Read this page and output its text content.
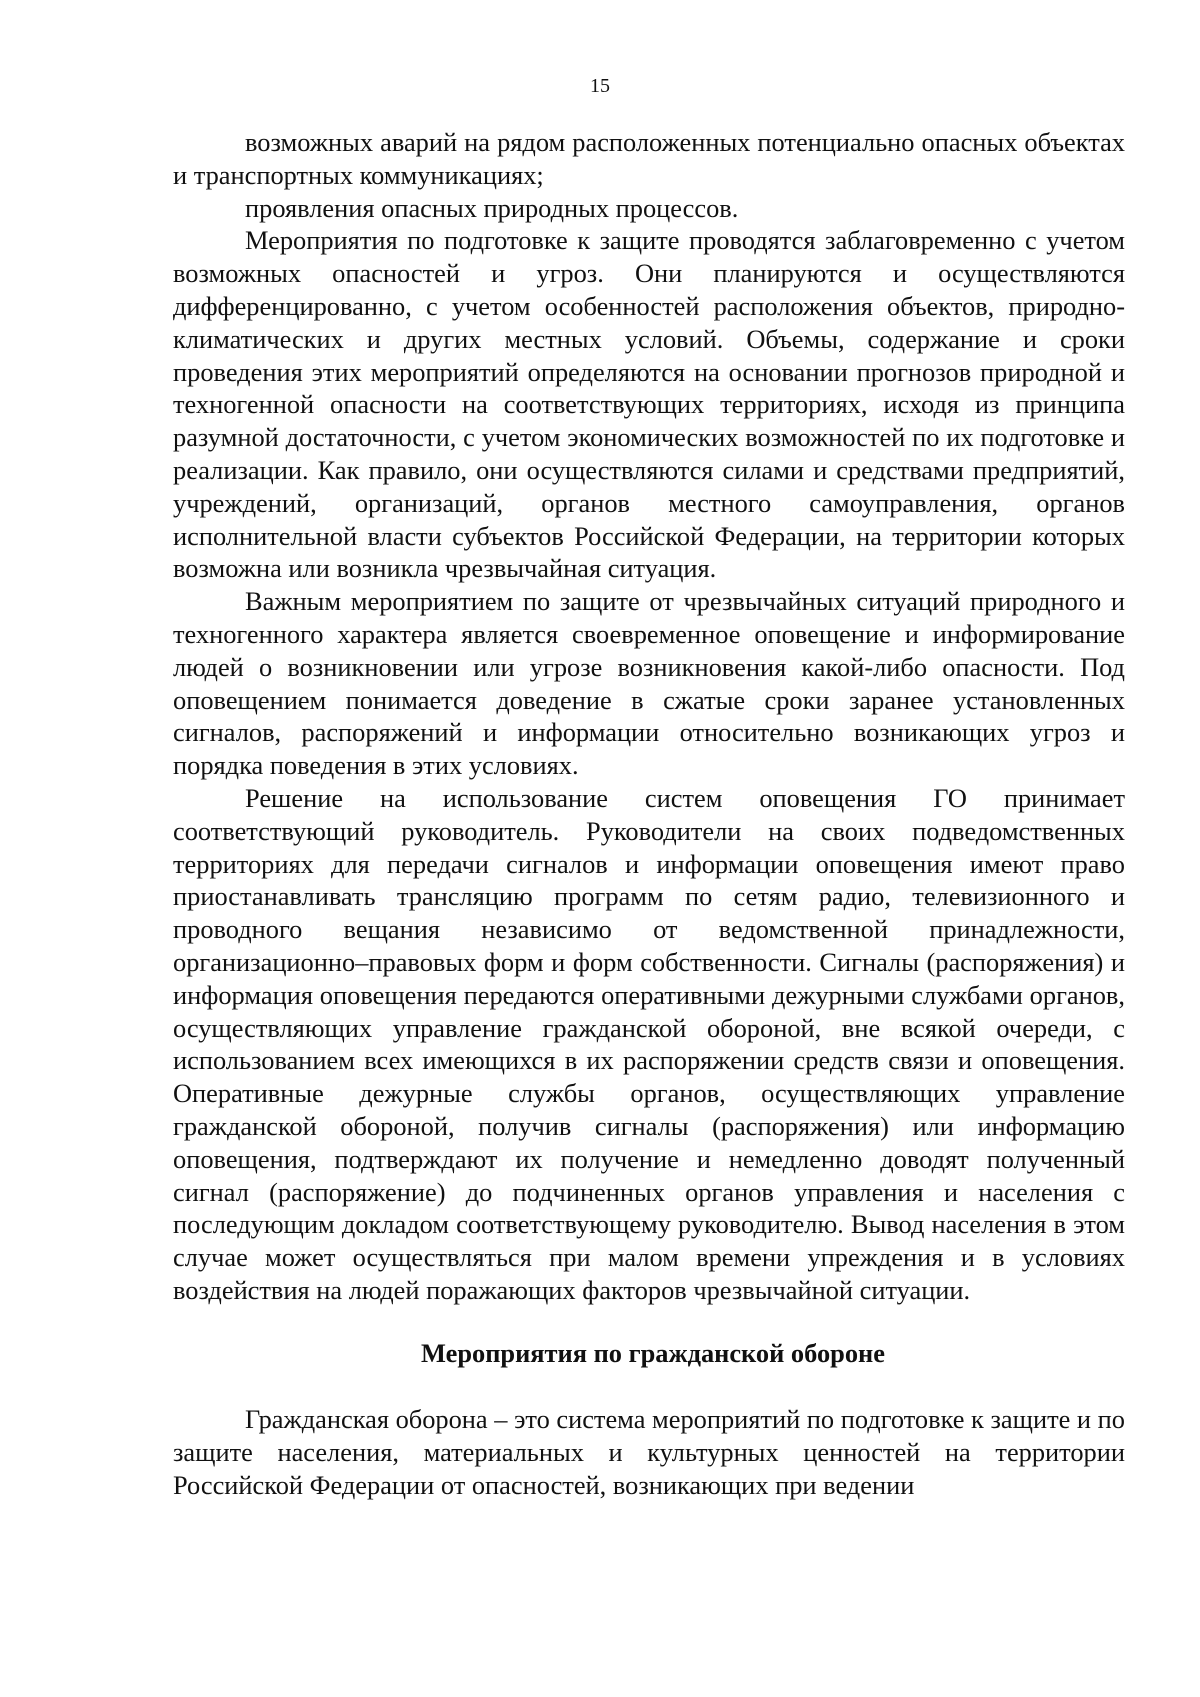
15

возможных аварий на рядом расположенных потенциально опасных объектах и транспортных коммуникациях;

проявления опасных природных процессов.

Мероприятия по подготовке к защите проводятся заблаговременно с учетом возможных опасностей и угроз. Они планируются и осуществляются дифференцированно, с учетом особенностей расположения объектов, природно-климатических и других местных условий. Объемы, содержание и сроки проведения этих мероприятий определяются на основании прогнозов природной и техногенной опасности на соответствующих территориях, исходя из принципа разумной достаточности, с учетом экономических возможностей по их подготовке и реализации. Как правило, они осуществляются силами и средствами предприятий, учреждений, организаций, органов местного самоуправления, органов исполнительной власти субъектов Российской Федерации, на территории которых возможна или возникла чрезвычайная ситуация.

Важным мероприятием по защите от чрезвычайных ситуаций природного и техногенного характера является своевременное оповещение и информирование людей о возникновении или угрозе возникновения какой-либо опасности. Под оповещением понимается доведение в сжатые сроки заранее установленных сигналов, распоряжений и информации относительно возникающих угроз и порядка поведения в этих условиях.

Решение на использование систем оповещения ГО принимает соответствующий руководитель. Руководители на своих подведомственных территориях для передачи сигналов и информации оповещения имеют право приостанавливать трансляцию программ по сетям радио, телевизионного и проводного вещания независимо от ведомственной принадлежности, организационно–правовых форм и форм собственности. Сигналы (распоряжения) и информация оповещения передаются оперативными дежурными службами органов, осуществляющих управление гражданской обороной, вне всякой очереди, с использованием всех имеющихся в их распоряжении средств связи и оповещения. Оперативные дежурные службы органов, осуществляющих управление гражданской обороной, получив сигналы (распоряжения) или информацию оповещения, подтверждают их получение и немедленно доводят полученный сигнал (распоряжение) до подчиненных органов управления и населения с последующим докладом соответствующему руководителю. Вывод населения в этом случае может осуществляться при малом времени упреждения и в условиях воздействия на людей поражающих факторов чрезвычайной ситуации.

Мероприятия по гражданской обороне

Гражданская оборона – это система мероприятий по подготовке к защите и по защите населения, материальных и культурных ценностей на территории Российской Федерации от опасностей, возникающих при ведении
